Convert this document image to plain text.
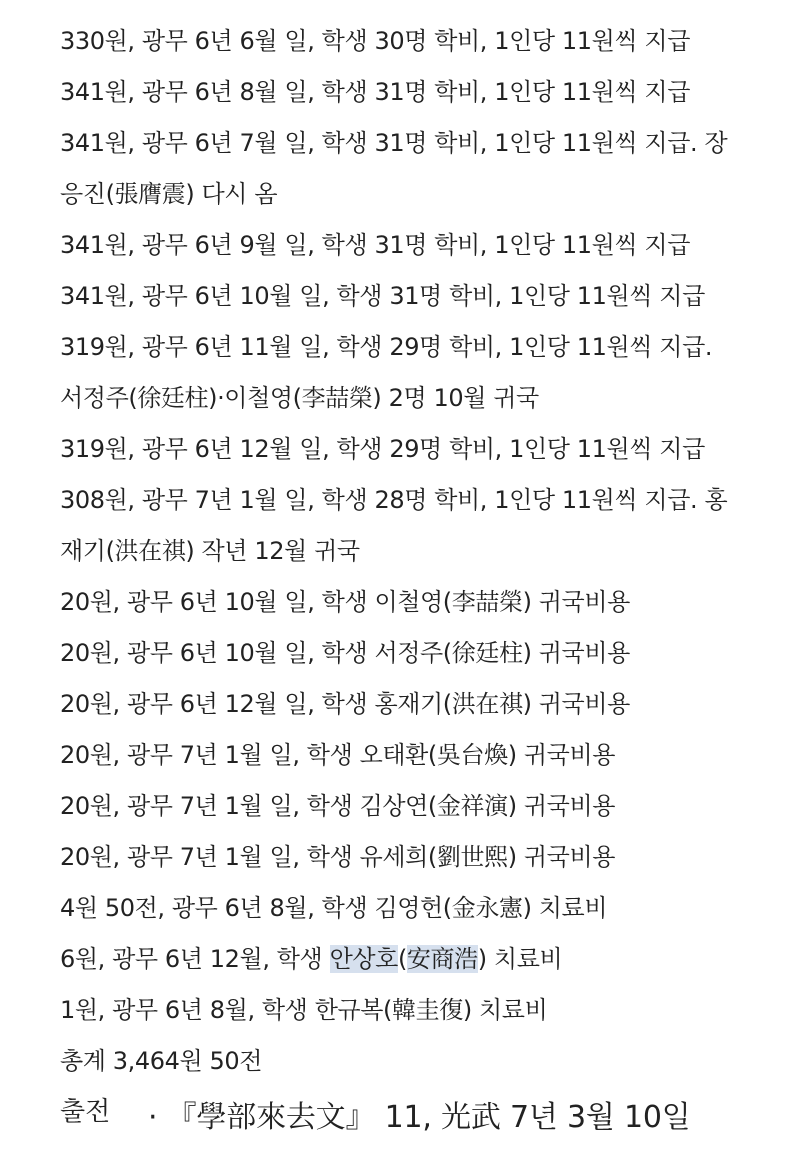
330원, 광무 6년 6월 일, 학생 30명 학비, 1인당 11원씩 지급
341원, 광무 6년 8월 일, 학생 31명 학비, 1인당 11원씩 지급
341원, 광무 6년 7월 일, 학생 31명 학비, 1인당 11원씩 지급. 장
응진(張膺震) 다시 옴
341원, 광무 6년 9월 일, 학생 31명 학비, 1인당 11원씩 지급
341원, 광무 6년 10월 일, 학생 31명 학비, 1인당 11원씩 지급
319원, 광무 6년 11월 일, 학생 29명 학비, 1인당 11원씩 지급.
서정주(徐廷柱)·이철영(李喆榮) 2명 10월 귀국
319원, 광무 6년 12월 일, 학생 29명 학비, 1인당 11원씩 지급
308원, 광무 7년 1월 일, 학생 28명 학비, 1인당 11원씩 지급. 홍
재기(洪在祺) 작년 12월 귀국
20원, 광무 6년 10월 일, 학생 이철영(李喆榮) 귀국비용
20원, 광무 6년 10월 일, 학생 서정주(徐廷柱) 귀국비용
20원, 광무 6년 12월 일, 학생 홍재기(洪在祺) 귀국비용
20원, 광무 7년 1월 일, 학생 오태환(吳台煥) 귀국비용
20원, 광무 7년 1월 일, 학생 김상연(金祥演) 귀국비용
20원, 광무 7년 1월 일, 학생 유세희(劉世熙) 귀국비용
4원 50전, 광무 6년 8월, 학생 김영헌(金永憲) 치료비
6원, 광무 6년 12월, 학생 안상호(安商浩) 치료비
1원, 광무 6년 8월, 학생 한규복(韓圭復) 치료비
총계 3,464원 50전
출전 · 『學部來去文』 11, 光武 7년 3월 10일
